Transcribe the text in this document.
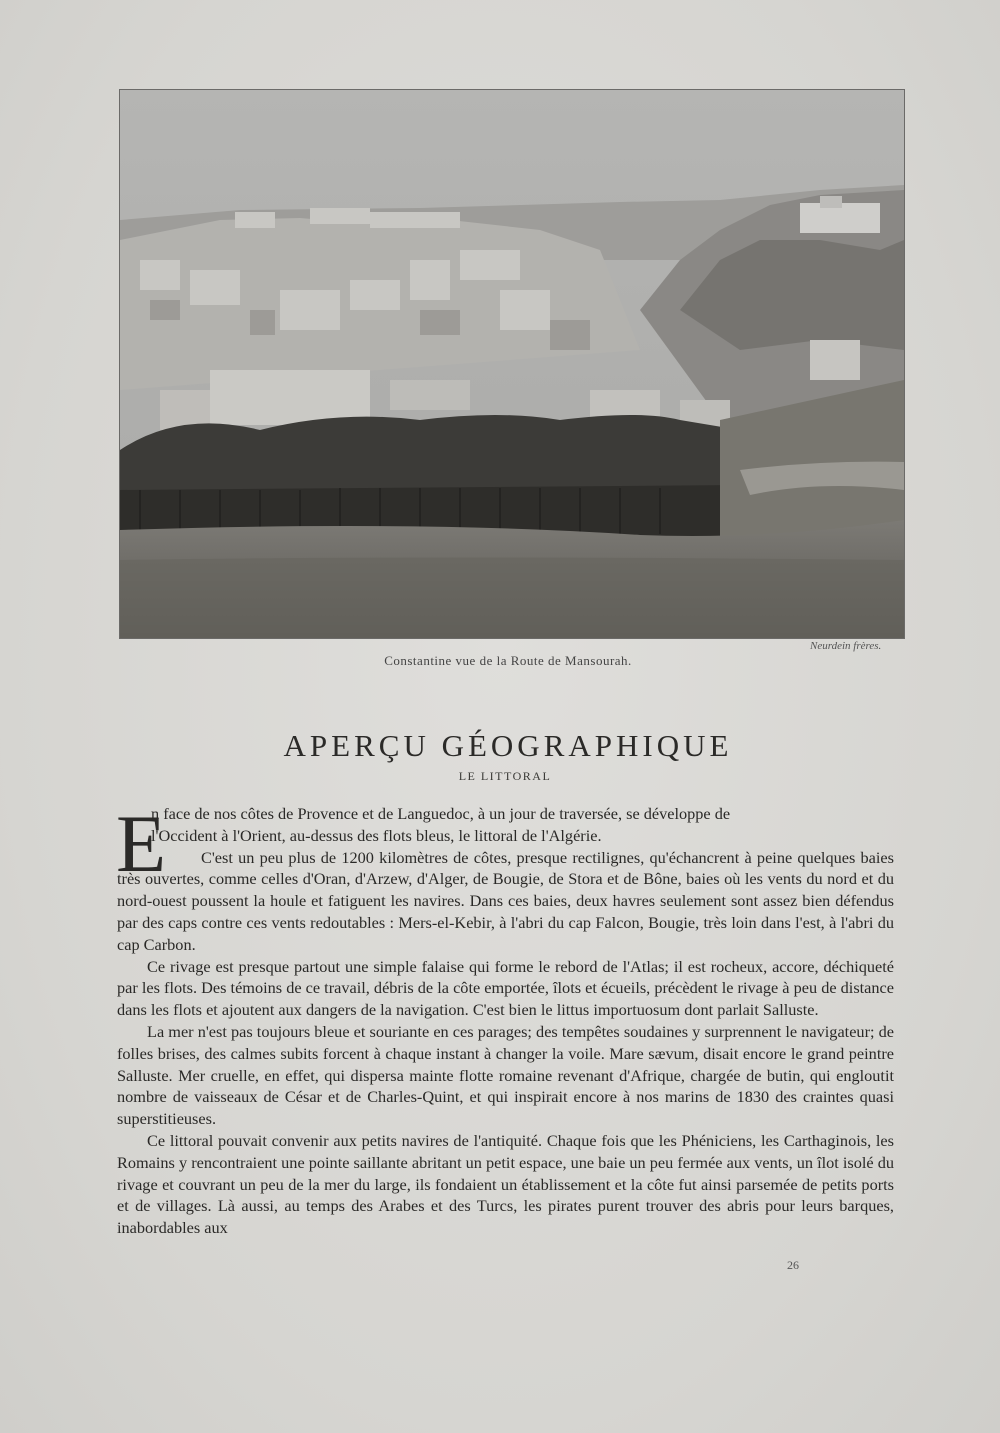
Neurdein frères.
Constantine vue de la Route de Mansourah.
APERÇU GÉOGRAPHIQUE
LE LITTORAL
E

n face de nos côtes de Provence et de Languedoc, à un jour de traversée, se développe de
l'Occident à l'Orient, au-dessus des flots bleus, le littoral de l'Algérie.

C'est un peu plus de 1200 kilomètres de côtes, presque rectilignes, qu'échancrent à peine quelques baies très ouvertes, comme celles d'Oran, d'Arzew, d'Alger, de Bougie, de Stora et de Bône, baies où les vents du nord et du nord-ouest poussent la houle et fatiguent les navires. Dans ces baies, deux havres seulement sont assez bien défendus par des caps contre ces vents redoutables : Mers-el-Kebir, à l'abri du cap Falcon, Bougie, très loin dans l'est, à l'abri du cap Carbon.

Ce rivage est presque partout une simple falaise qui forme le rebord de l'Atlas; il est rocheux, accore, déchiqueté par les flots. Des témoins de ce travail, débris de la côte emportée, îlots et écueils, précèdent le rivage à peu de distance dans les flots et ajoutent aux dangers de la navigation. C'est bien le littus importuosum dont parlait Salluste.

La mer n'est pas toujours bleue et souriante en ces parages; des tempêtes soudaines y surprennent le navigateur; de folles brises, des calmes subits forcent à chaque instant à changer la voile. Mare sævum, disait encore le grand peintre Salluste. Mer cruelle, en effet, qui dispersa mainte flotte romaine revenant d'Afrique, chargée de butin, qui engloutit nombre de vaisseaux de César et de Charles-Quint, et qui inspirait encore à nos marins de 1830 des craintes quasi superstitieuses.

Ce littoral pouvait convenir aux petits navires de l'antiquité. Chaque fois que les Phéniciens, les Carthaginois, les Romains y rencontraient une pointe saillante abritant un petit espace, une baie un peu fermée aux vents, un îlot isolé du rivage et couvrant un peu de la mer du large, ils fondaient un établissement et la côte fut ainsi parsemée de petits ports et de villages. Là aussi, au temps des Arabes et des Turcs, les pirates purent trouver des abris pour leurs barques, inabordables aux

26
